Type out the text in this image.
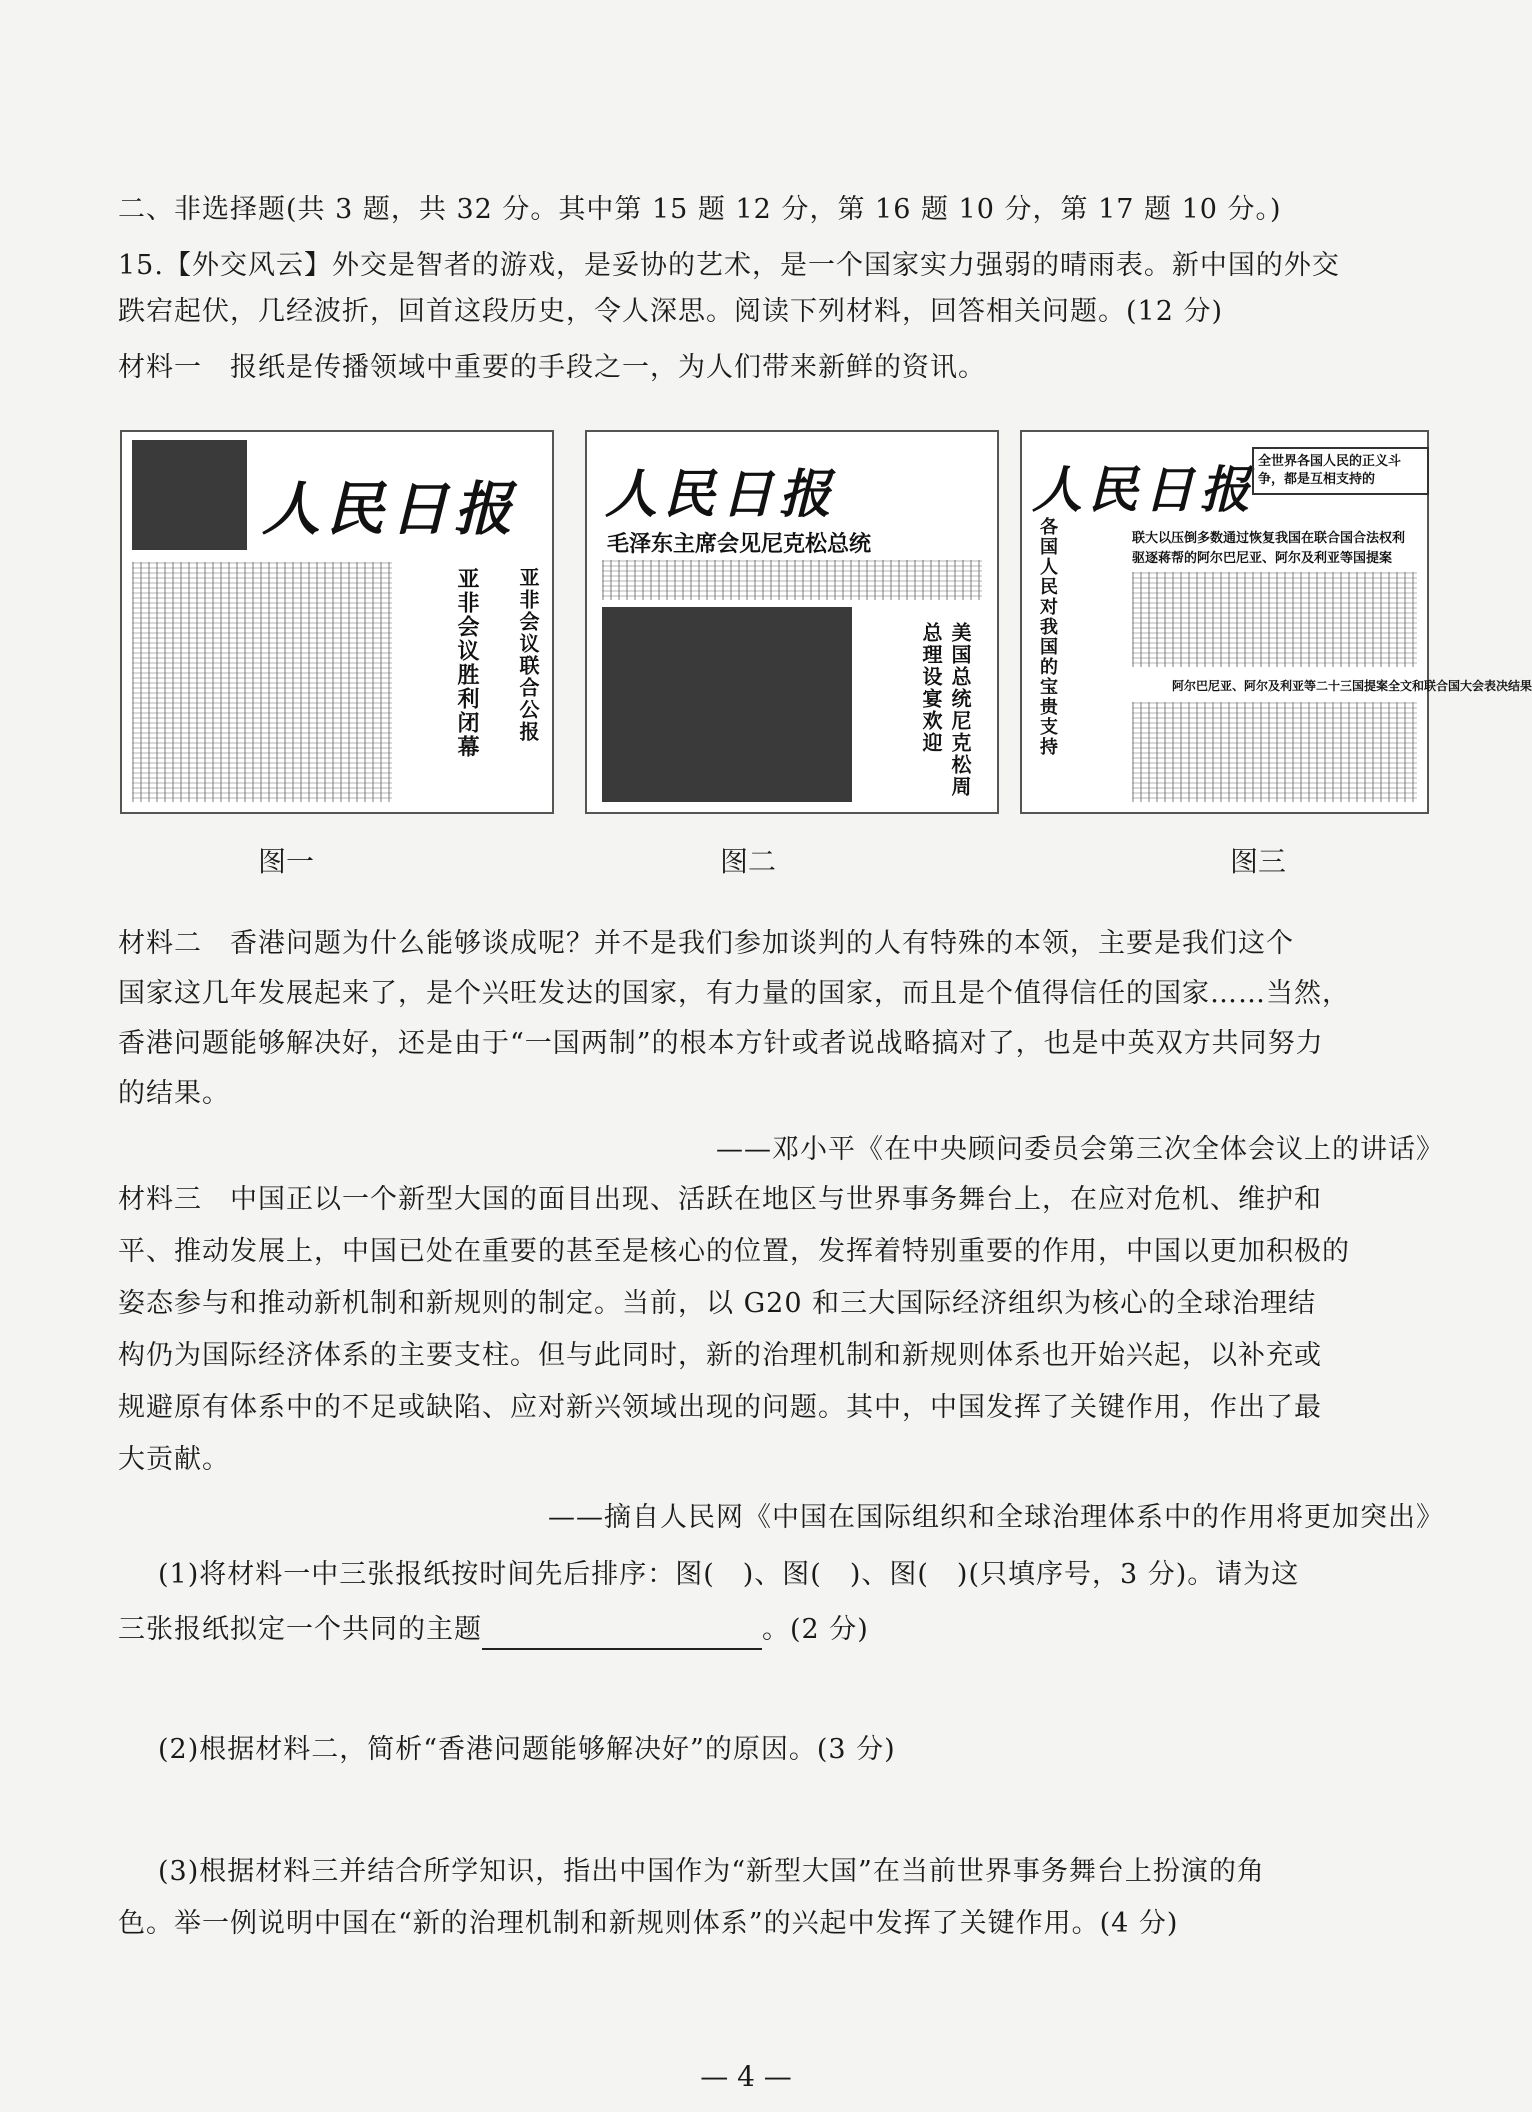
二、非选择题(共 3 题，共 32 分。其中第 15 题 12 分，第 16 题 10 分，第 17 题 10 分。)
15.【外交风云】外交是智者的游戏，是妥协的艺术，是一个国家实力强弱的晴雨表。新中国的外交
跌宕起伏，几经波折，回首这段历史，令人深思。阅读下列材料，回答相关问题。(12 分)
材料一　报纸是传播领域中重要的手段之一，为人们带来新鲜的资讯。
人民日报
亚非会议胜利闭幕 亚非会议联合公报
人民日报
毛泽东主席会见尼克松总统
美国总统尼克松周总理设宴欢迎
人民日报 全世界各国人民的正义斗争，都是互相支持的
各国人民对我国的宝贵支持	联大以压倒多数通过恢复我国在联合国合法权利
驱逐蒋帮的阿尔巴尼亚、阿尔及利亚等国提案
阿尔巴尼亚、阿尔及利亚等二十三国提案全文和联合国大会表决结果
图一	图二	图三
材料二　香港问题为什么能够谈成呢？并不是我们参加谈判的人有特殊的本领，主要是我们这个
国家这几年发展起来了，是个兴旺发达的国家，有力量的国家，而且是个值得信任的国家……当然，
香港问题能够解决好，还是由于“一国两制”的根本方针或者说战略搞对了，也是中英双方共同努力
的结果。
——邓小平《在中央顾问委员会第三次全体会议上的讲话》
材料三　中国正以一个新型大国的面目出现、活跃在地区与世界事务舞台上，在应对危机、维护和
平、推动发展上，中国已处在重要的甚至是核心的位置，发挥着特别重要的作用，中国以更加积极的
姿态参与和推动新机制和新规则的制定。当前，以 G20 和三大国际经济组织为核心的全球治理结
构仍为国际经济体系的主要支柱。但与此同时，新的治理机制和新规则体系也开始兴起，以补充或
规避原有体系中的不足或缺陷、应对新兴领域出现的问题。其中，中国发挥了关键作用，作出了最
大贡献。
——摘自人民网《中国在国际组织和全球治理体系中的作用将更加突出》
(1)将材料一中三张报纸按时间先后排序：图(　)、图(　)、图(　)(只填序号，3 分)。请为这
三张报纸拟定一个共同的主题	。(2 分)
(2)根据材料二，简析“香港问题能够解决好”的原因。(3 分)
(3)根据材料三并结合所学知识，指出中国作为“新型大国”在当前世界事务舞台上扮演的角
色。举一例说明中国在“新的治理机制和新规则体系”的兴起中发挥了关键作用。(4 分)
— 4 —
